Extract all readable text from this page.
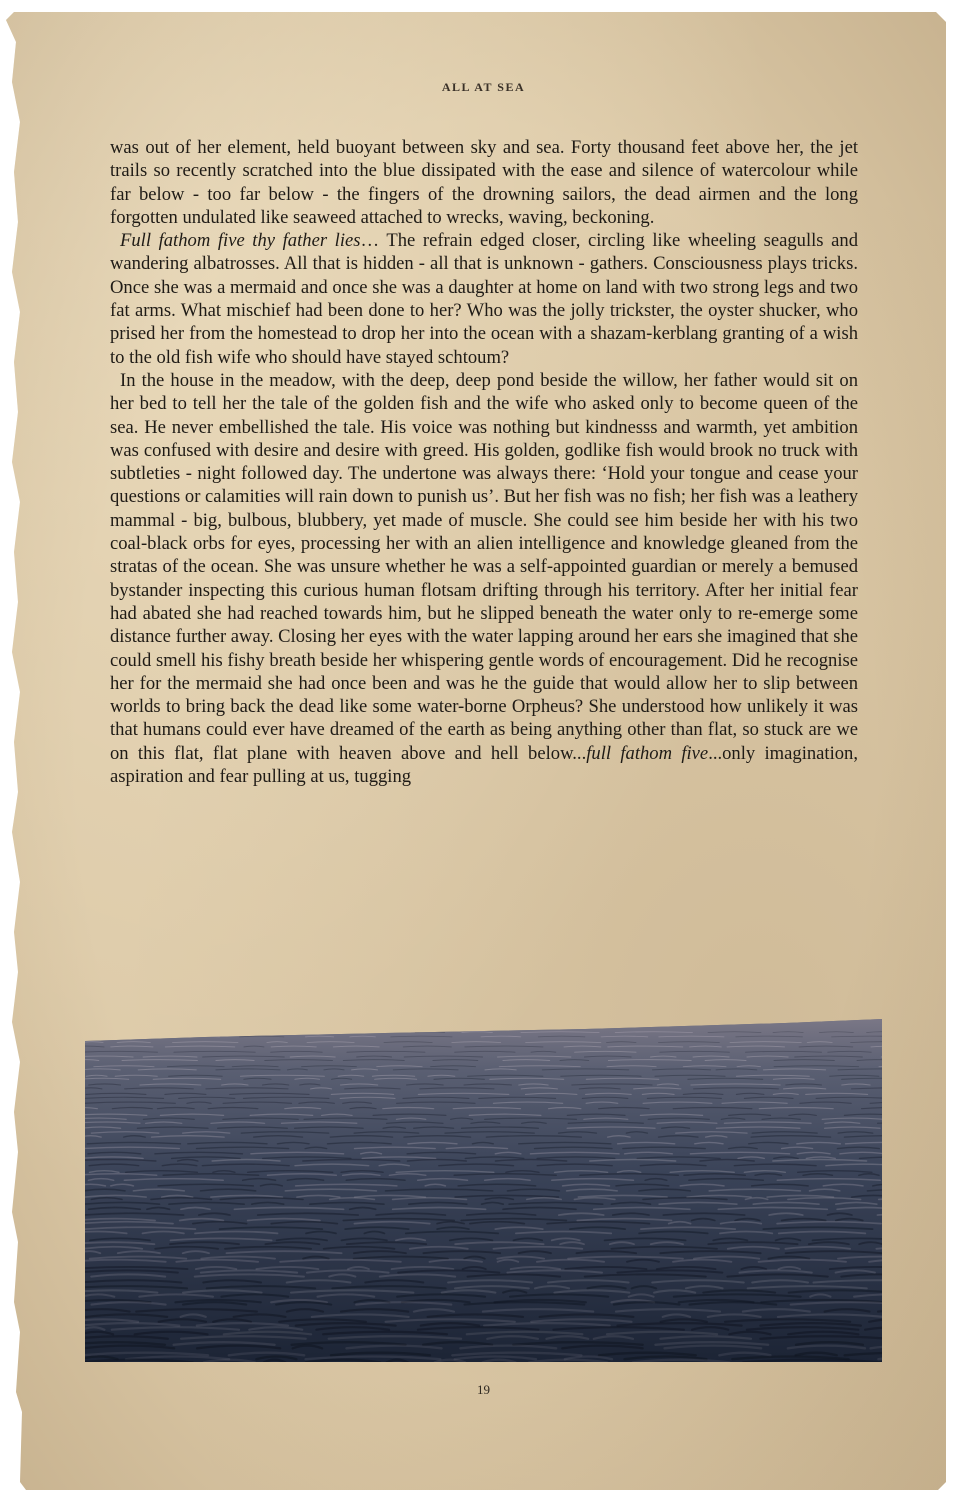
ALL AT SEA

was out of her element, held buoyant between sky and sea. Forty thousand feet above her, the jet trails so recently scratched into the blue dissipated with the ease and silence of watercolour while far below - too far below - the fingers of the drowning sailors, the dead airmen and the long forgotten undulated like seaweed attached to wrecks, waving, beckoning.

Full fathom five thy father lies… The refrain edged closer, circling like wheeling seagulls and wandering albatrosses. All that is hidden - all that is unknown - gathers. Consciousness plays tricks. Once she was a mermaid and once she was a daughter at home on land with two strong legs and two fat arms. What mischief had been done to her? Who was the jolly trickster, the oyster shucker, who prised her from the homestead to drop her into the ocean with a shazam-kerblang granting of a wish to the old fish wife who should have stayed schtoum?

In the house in the meadow, with the deep, deep pond beside the willow, her father would sit on her bed to tell her the tale of the golden fish and the wife who asked only to become queen of the sea. He never embellished the tale. His voice was nothing but kindnesss and warmth, yet ambition was confused with desire and desire with greed. His golden, godlike fish would brook no truck with subtleties - night followed day. The undertone was always there: ‘Hold your tongue and cease your questions or calamities will rain down to punish us’. But her fish was no fish; her fish was a leathery mammal - big, bulbous, blubbery, yet made of muscle. She could see him beside her with his two coal-black orbs for eyes, processing her with an alien intelligence and knowledge gleaned from the stratas of the ocean. She was unsure whether he was a self-appointed guardian or merely a bemused bystander inspecting this curious human flotsam drifting through his territory. After her initial fear had abated she had reached towards him, but he slipped beneath the water only to re-emerge some distance further away. Closing her eyes with the water lapping around her ears she imagined that she could smell his fishy breath beside her whispering gentle words of encouragement. Did he recognise her for the mermaid she had once been and was he the guide that would allow her to slip between worlds to bring back the dead like some water-borne Orpheus? She understood how unlikely it was that humans could ever have dreamed of the earth as being anything other than flat, so stuck are we on this flat, flat plane with heaven above and hell below...full fathom five...only imagination, aspiration and fear pulling at us, tugging

19
